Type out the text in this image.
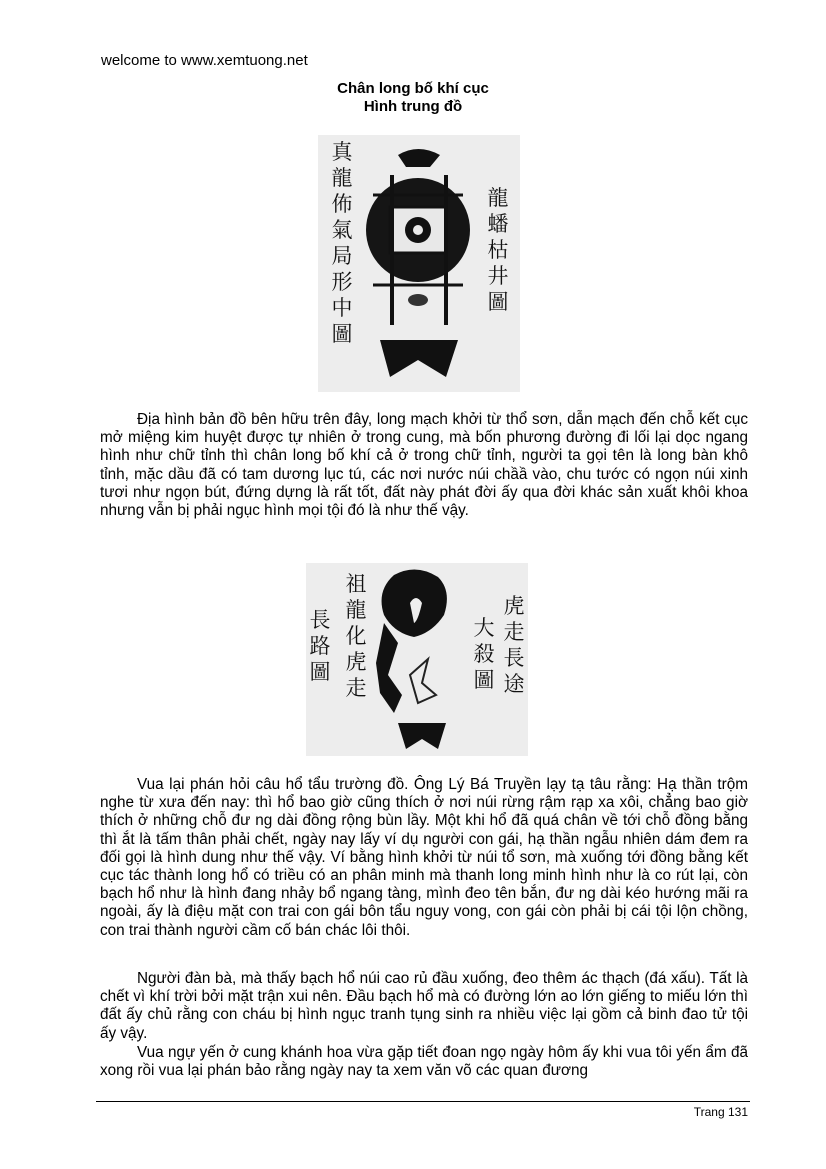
welcome to www.xemtuong.net
Chân long bố khí cục
Hình trung đồ
真龍佈氣局形中圖
龍蟠枯井圖

Địa hình bản đồ bên hữu trên đây, long mạch khởi từ thổ sơn, dẫn mạch đến chỗ kết cục mở miệng kim huyệt được tự nhiên ở trong cung, mà bốn phương đường đi lối lại dọc ngang hình như chữ tỉnh thì chân long bố khí cả ở trong chữ tỉnh, người ta gọi tên là long bàn khô tỉnh, mặc dầu đã có tam dương lục tú, các nơi nước núi chầầ vào, chu tước có ngọn núi xinh tươi như ngọn bút, đứng dựng là rất tốt, đất này phát đời ấy qua đời khác sản xuất khôi khoa nhưng vẫn bị phải ngục hình mọi tội đó là như thế vậy.

長路圖
祖龍化虎走
大殺圖
虎走長途

Vua lại phán hỏi câu hổ tẩu trường đồ. Ông Lý Bá Truyền lạy tạ tâu rằng: Hạ thần trộm nghe từ xưa đến nay: thì hổ bao giờ cũng thích ở nơi núi rừng rậm rạp xa xôi, chẳng bao giờ thích ở những chỗ đư ng dài đồng rộng bùn lầy. Một khi hổ đã quá chân về tới chỗ đồng bằng thì ắt là tấm thân phải chết, ngày nay lấy ví dụ người con gái, hạ thần ngẫu nhiên dám đem ra đối gọi là hình dung như thế vậy. Ví bằng hình khởi từ núi tổ sơn, mà xuống tới đồng bằng kết cục tác thành long hổ có triều có an phân minh mà thanh long minh hình như là co rút lại, còn bạch hổ như là hình đang nhảy bổ ngang tàng, mình đeo tên bắn, đư ng dài kéo hướng mãi ra ngoài, ấy là điệu mặt con trai con gái bôn tẩu nguy vong, con gái còn phải bị cái tội lộn chồng, con trai thành người cầm cố bán chác lôi thôi.

Người đàn bà, mà thấy bạch hổ núi cao rủ đầu xuống, đeo thêm ác thạch (đá xấu). Tất là chết vì khí trời bởi mặt trận xui nên. Đầu bạch hổ mà có đường lớn ao lớn giếng to miếu lớn thì đất ấy chủ rằng con cháu bị hình ngục tranh tụng sinh ra nhiều việc lại gồm cả binh đao tử tội ấy vậy.

Vua ngự yến ở cung khánh hoa vừa gặp tiết đoan ngọ ngày hôm ấy khi vua tôi yến ẩm đã xong rồi vua lại phán bảo rằng ngày nay ta xem văn võ các quan đương

Trang 131
